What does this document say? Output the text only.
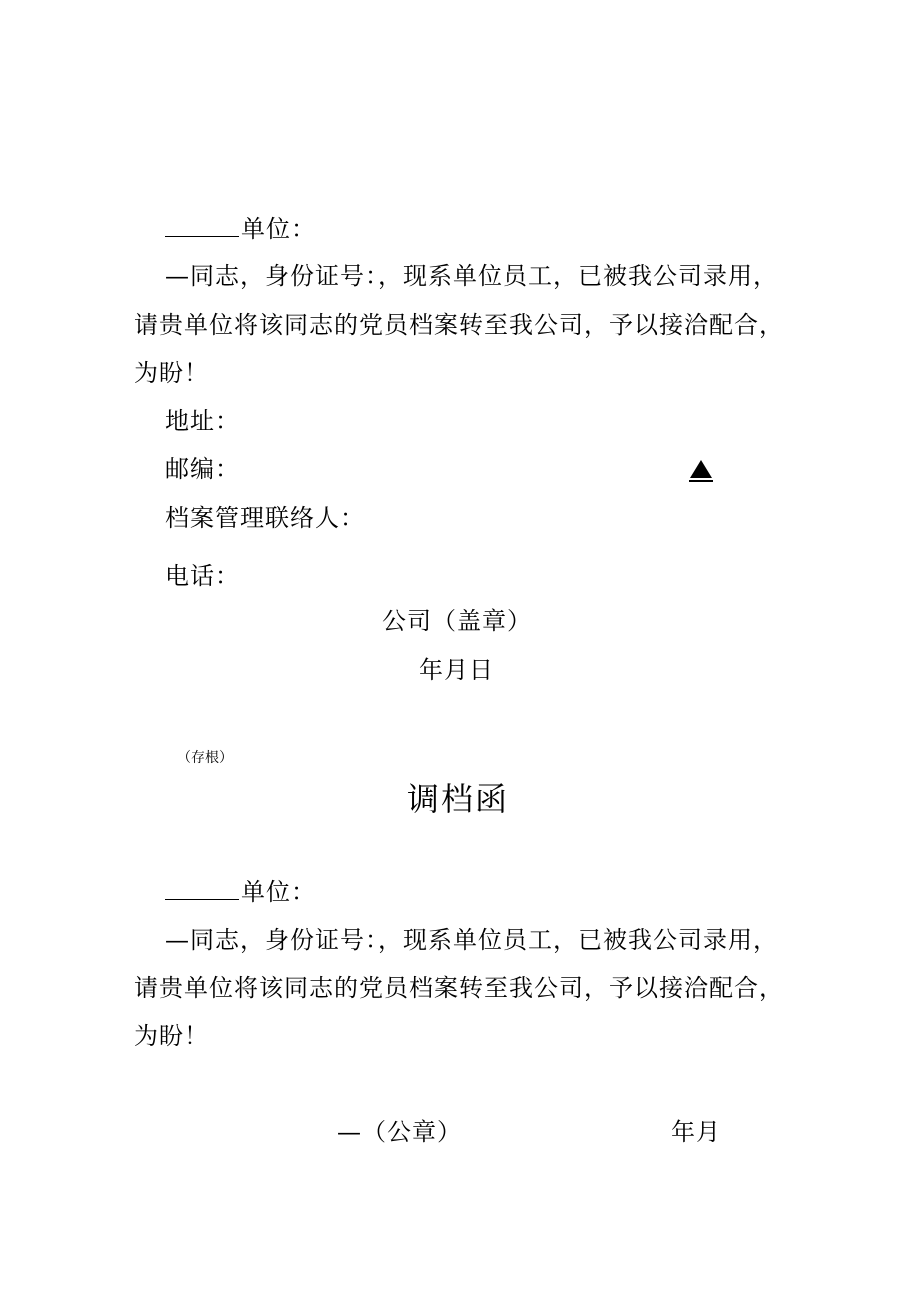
单位：
—同志，身份证号：，现系单位员工，已被我公司录用，
请贵单位将该同志的党员档案转至我公司，予以接洽配合，
为盼！
地址：
邮编：
档案管理联络人：
电话：
公司（盖章）
年月日
（存根）
调档函
单位：
—同志，身份证号：，现系单位员工，已被我公司录用，
请贵单位将该同志的党员档案转至我公司，予以接洽配合，
为盼！
—（公章）	年月
